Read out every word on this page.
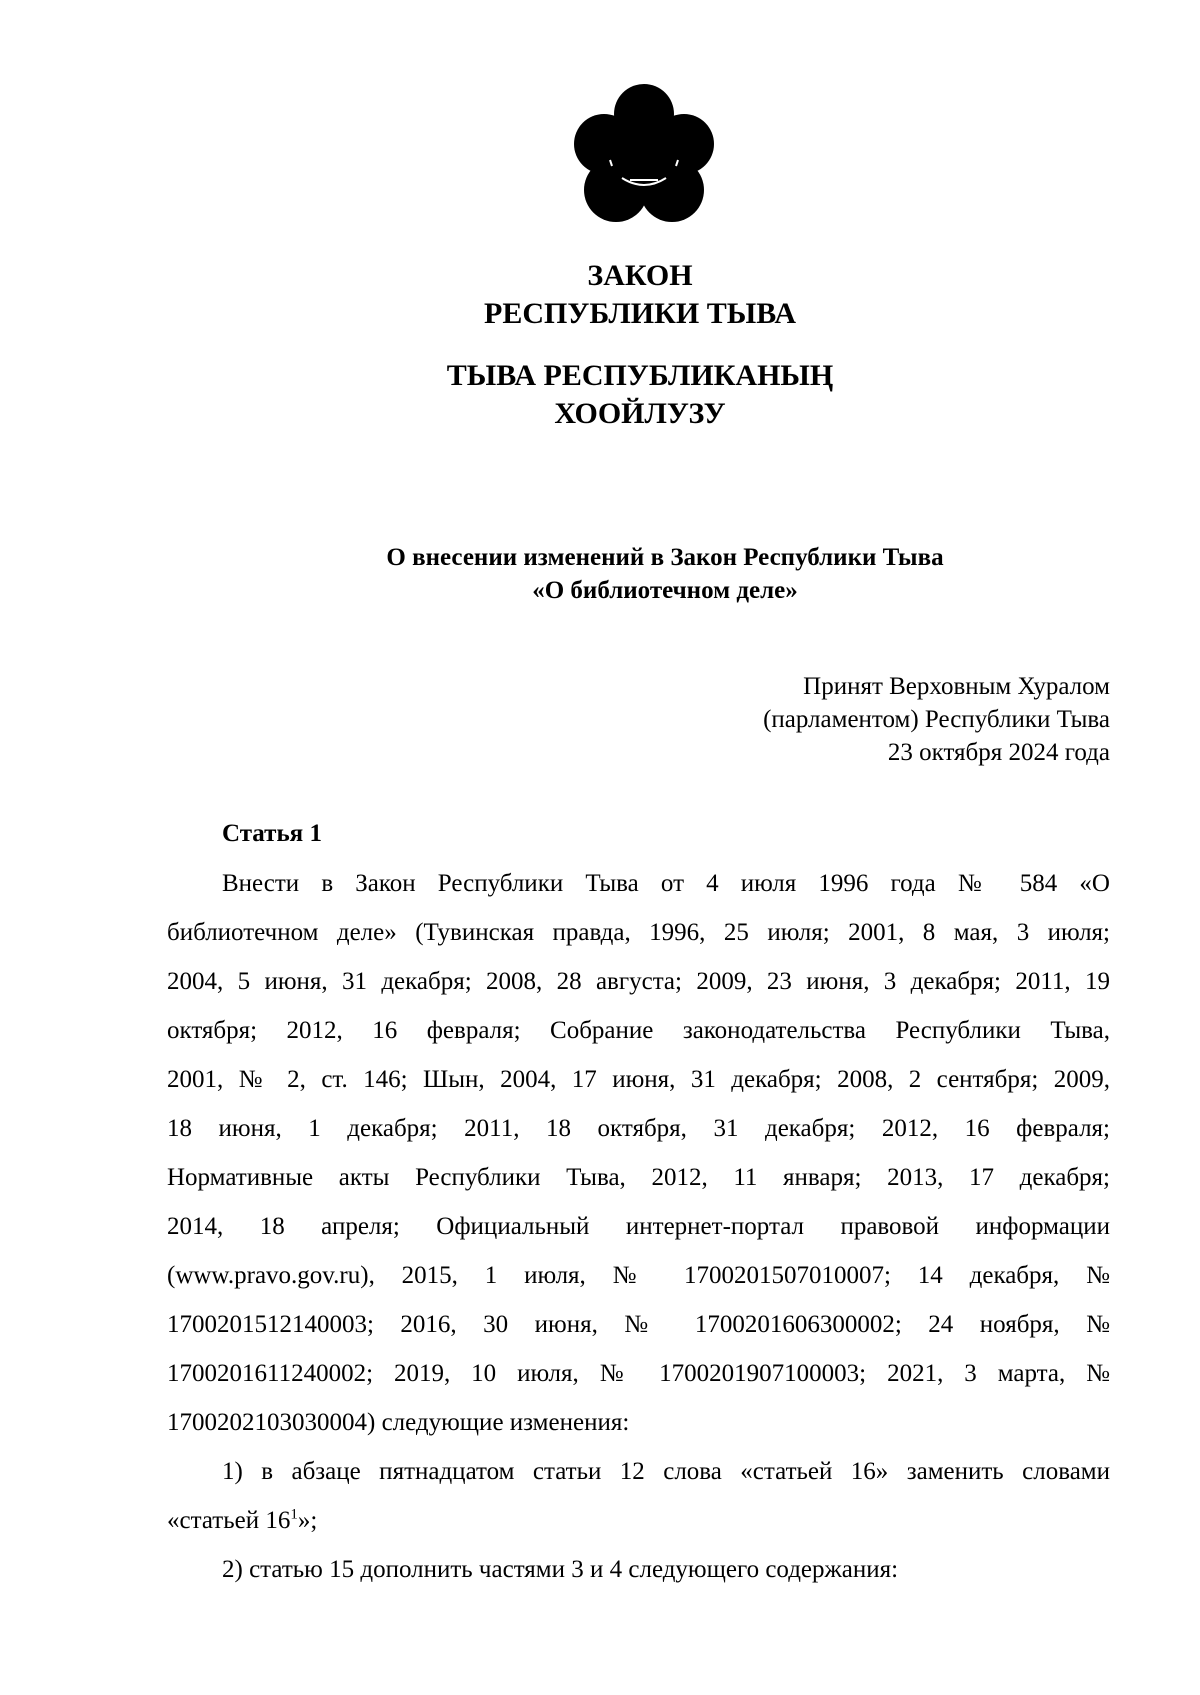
ЗАКОН
РЕСПУБЛИКИ ТЫВА
ТЫВА РЕСПУБЛИКАНЫҢ
ХООЙЛУЗУ
О внесении изменений в Закон Республики Тыва
«О библиотечном деле»
Принят Верховным Хуралом
(парламентом) Республики Тыва
23 октября 2024 года
Статья 1
Внести в Закон Республики Тыва от 4 июля 1996 года № 584 «О
библиотечном деле» (Тувинская правда, 1996, 25 июля; 2001, 8 мая, 3 июля;
2004, 5 июня, 31 декабря; 2008, 28 августа; 2009, 23 июня, 3 декабря; 2011, 19
октября; 2012, 16 февраля; Собрание законодательства Республики Тыва,
2001, № 2, ст. 146; Шын, 2004, 17 июня, 31 декабря; 2008, 2 сентября; 2009,
18 июня, 1 декабря; 2011, 18 октября, 31 декабря; 2012, 16 февраля;
Нормативные акты Республики Тыва, 2012, 11 января; 2013, 17 декабря;
2014, 18 апреля; Официальный интернет-портал правовой информации
(www.pravo.gov.ru), 2015, 1 июля, № 1700201507010007; 14 декабря, №
1700201512140003; 2016, 30 июня, № 1700201606300002; 24 ноября, №
1700201611240002; 2019, 10 июля, № 1700201907100003; 2021, 3 марта, №
1700202103030004) следующие изменения:
1) в абзаце пятнадцатом статьи 12 слова «статьей 16» заменить словами
«статьей $16^1$»;
2) статью 15 дополнить частями 3 и 4 следующего содержания:
